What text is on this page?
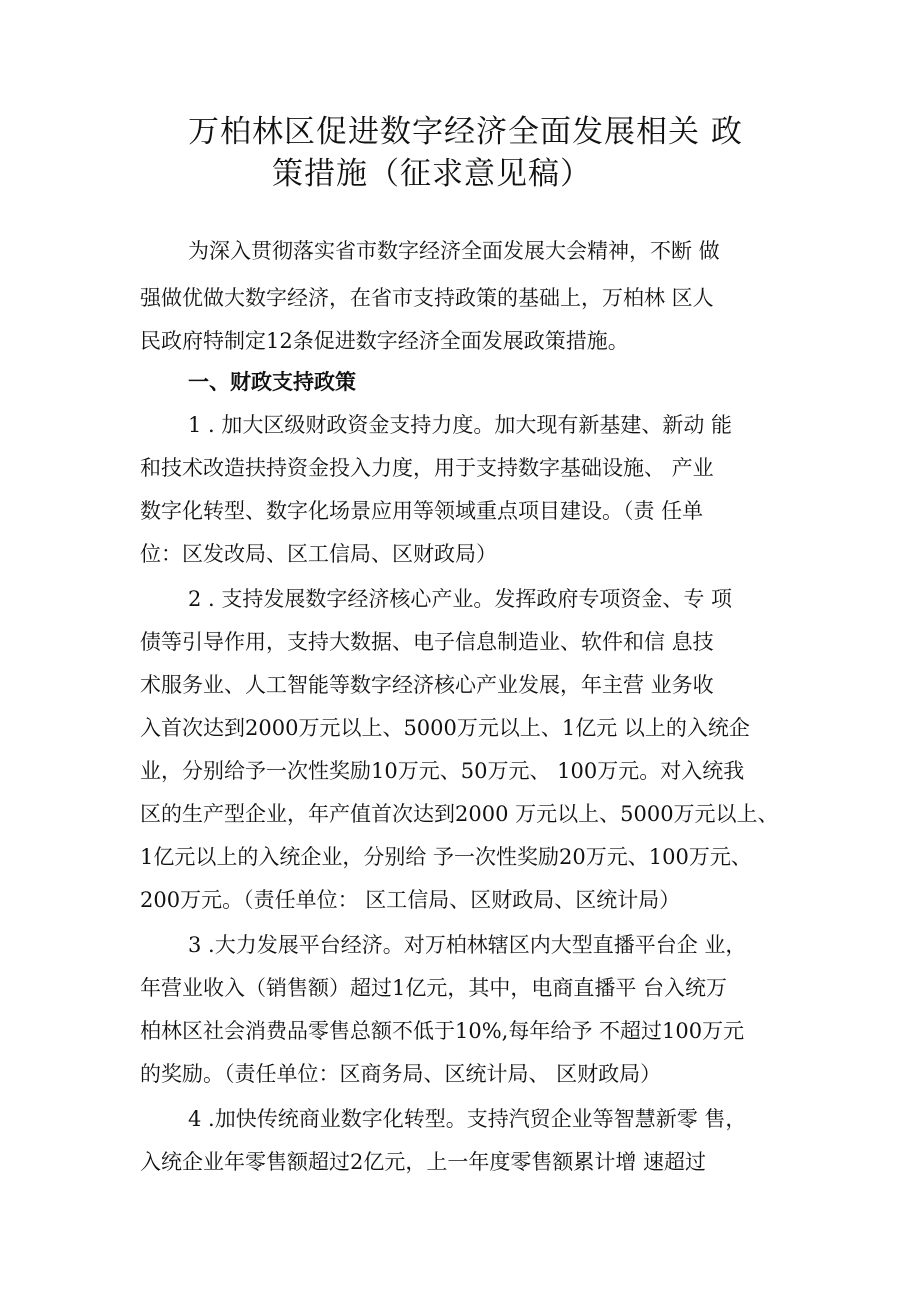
万柏林区促进数字经济全面发展相关 政
策措施（征求意见稿）
为深入贯彻落实省市数字经济全面发展大会精神，不断 做
强做优做大数字经济，在省市支持政策的基础上，万柏林 区人
民政府特制定12条促进数字经济全面发展政策措施。
一、财政支持政策
1 . 加大区级财政资金支持力度。加大现有新基建、新动 能
和技术改造扶持资金投入力度，用于支持数字基础设施、 产业
数字化转型、数字化场景应用等领域重点项目建设。（责 任单
位：区发改局、区工信局、区财政局）
2 . 支持发展数字经济核心产业。发挥政府专项资金、专 项
债等引导作用，支持大数据、电子信息制造业、软件和信 息技
术服务业、人工智能等数字经济核心产业发展，年主营 业务收
入首次达到2000万元以上、5000万元以上、1亿元 以上的入统企
业，分别给予一次性奖励10万元、50万元、 100万元。对入统我
区的生产型企业，年产值首次达到2000 万元以上、5000万元以上、
1亿元以上的入统企业，分别给 予一次性奖励20万元、100万元、
200万元。（责任单位： 区工信局、区财政局、区统计局）
3 .大力发展平台经济。对万柏林辖区内大型直播平台企 业，
年营业收入（销售额）超过1亿元，其中，电商直播平 台入统万
柏林区社会消费品零售总额不低于10%,每年给予 不超过100万元
的奖励。（责任单位：区商务局、区统计局、 区财政局）
4 .加快传统商业数字化转型。支持汽贸企业等智慧新零 售，
入统企业年零售额超过2亿元，上一年度零售额累计增 速超过
